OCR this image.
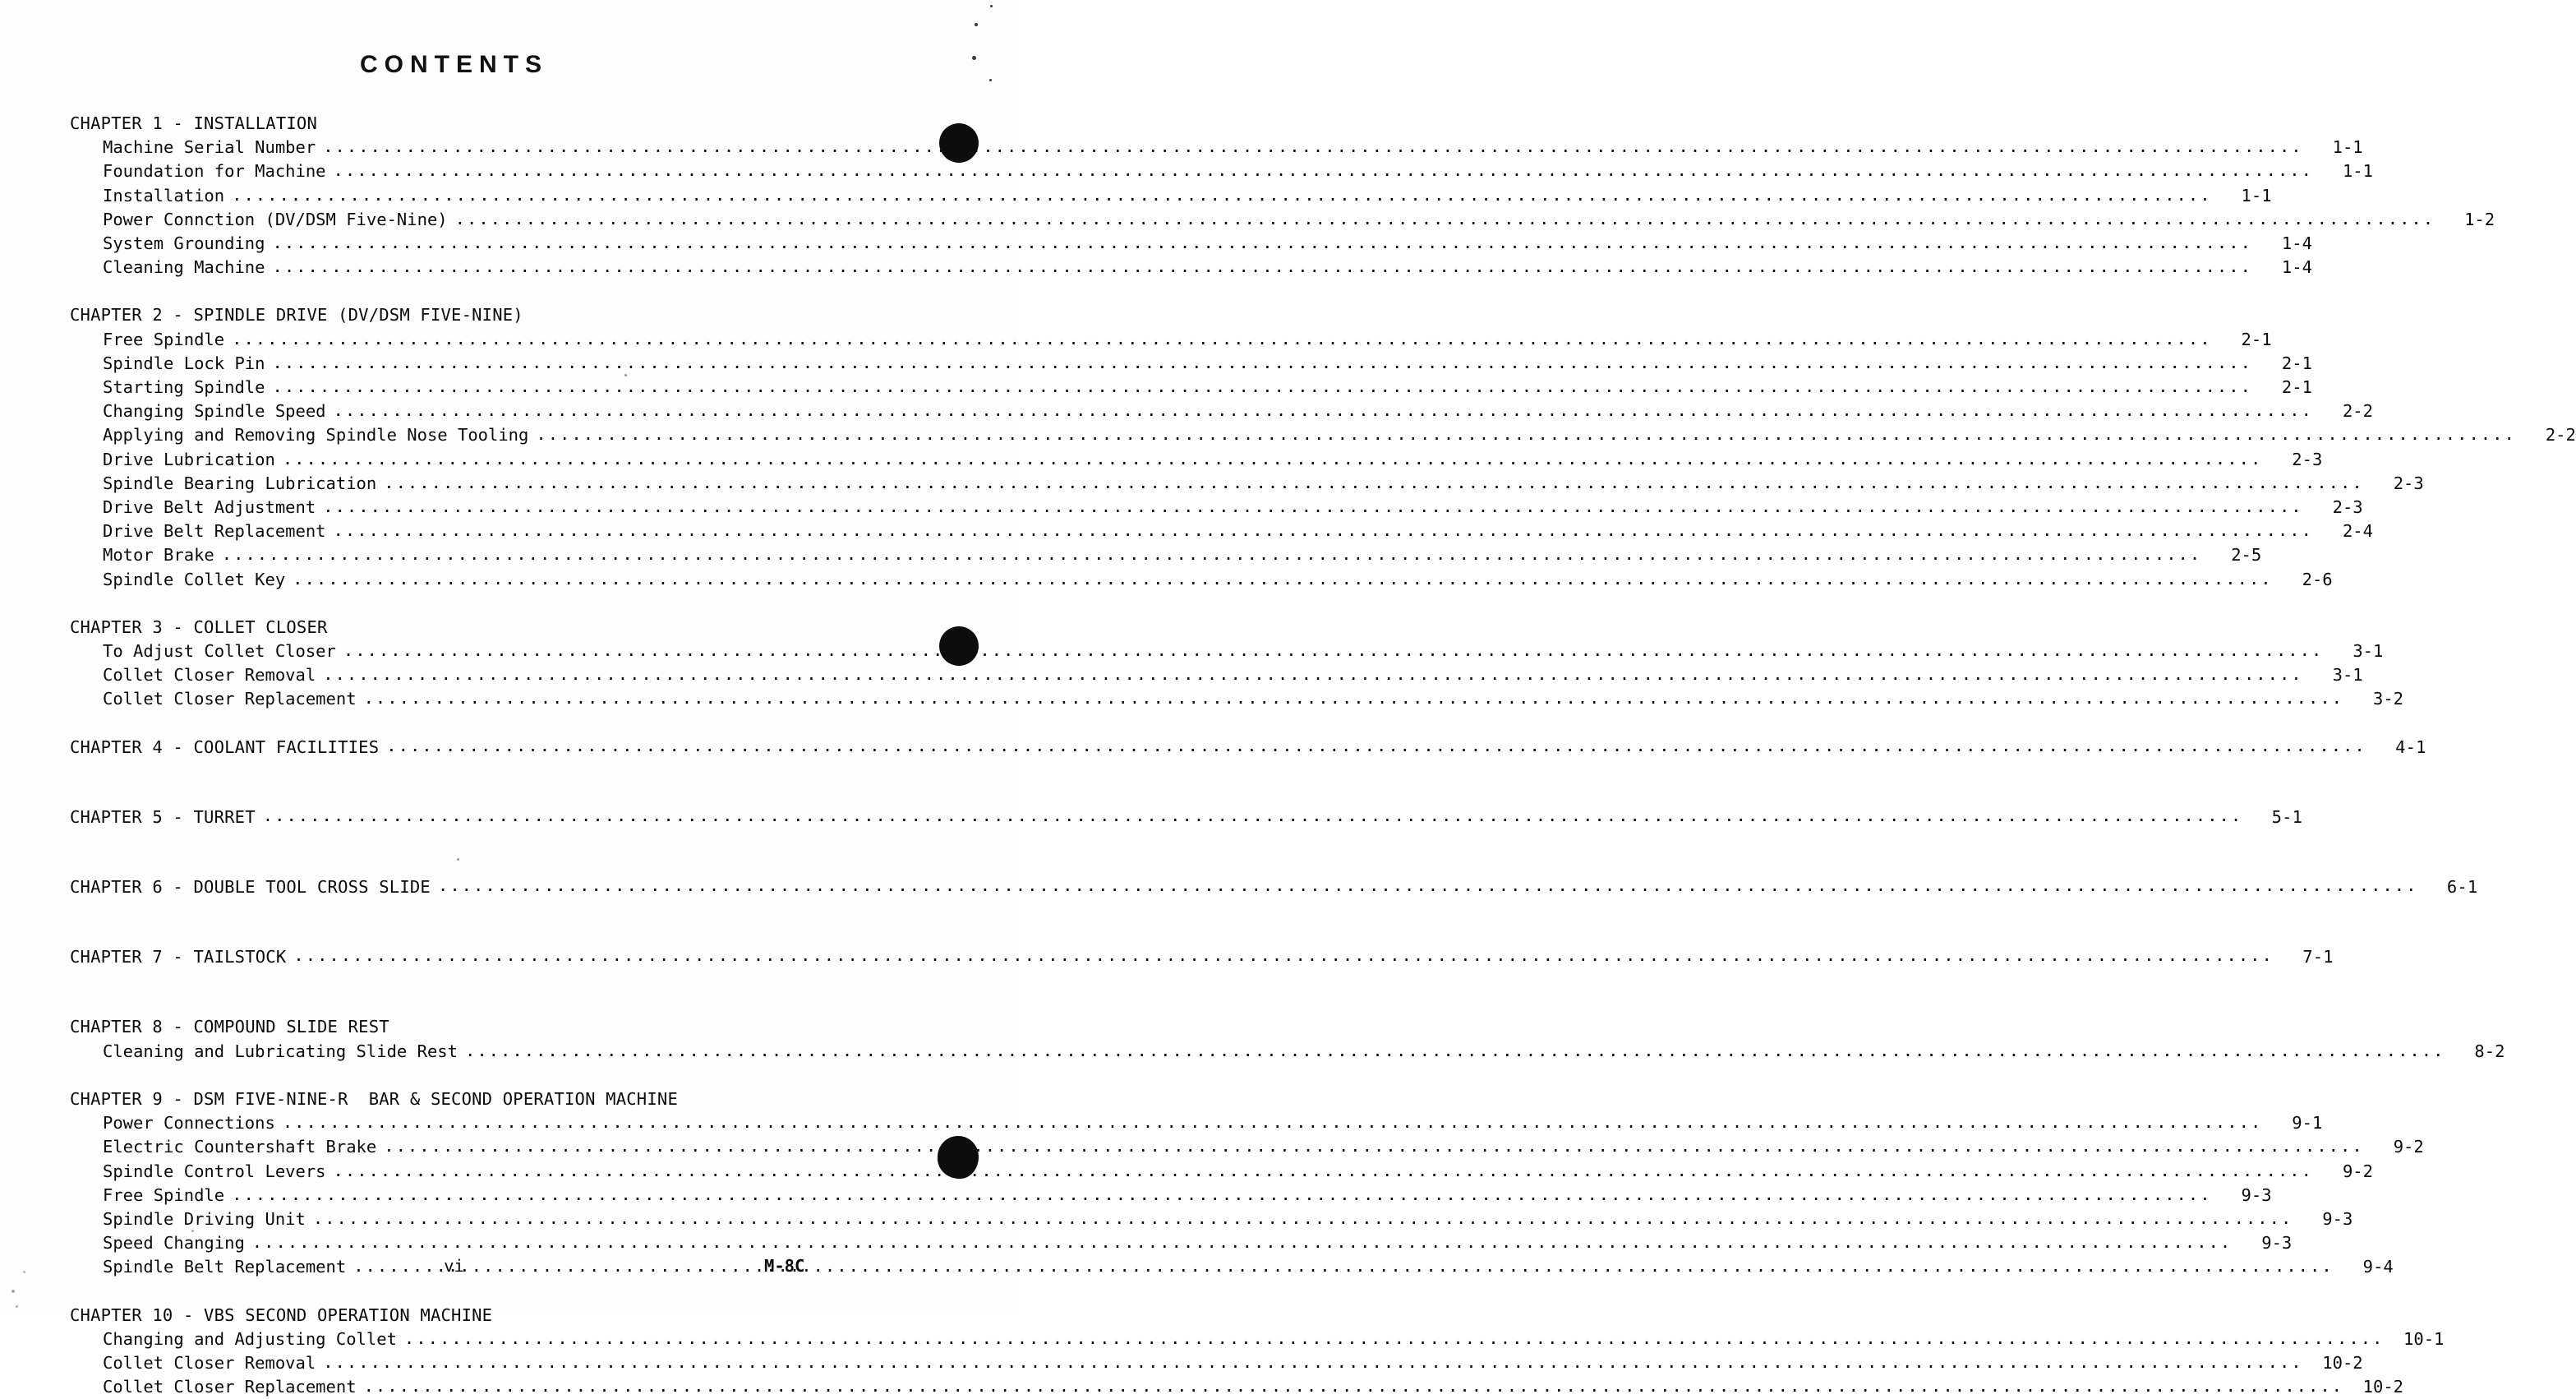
CONTENTS
CHAPTER 1 - INSTALLATION
Machine Serial Number .....	1-1
Foundation for Machine .....	1-1
Installation .....	1-1
Power Connction (DV/DSM Five-Nine) .....	1-2
System Grounding .....	1-4
Cleaning Machine .....	1-4
CHAPTER 2 - SPINDLE DRIVE (DV/DSM FIVE-NINE)
Free Spindle .....	2-1
Spindle Lock Pin .....	2-1
Starting Spindle .....	2-1
Changing Spindle Speed .....	2-2
Applying and Removing Spindle Nose Tooling .....	2-2
Drive Lubrication .....	2-3
Spindle Bearing Lubrication .....	2-3
Drive Belt Adjustment .....	2-3
Drive Belt Replacement .....	2-4
Motor Brake .....	2-5
Spindle Collet Key .....	2-6
CHAPTER 3 - COLLET CLOSER
To Adjust Collet Closer .....	3-1
Collet Closer Removal .....	3-1
Collet Closer Replacement .....	3-2
CHAPTER 4 - COOLANT FACILITIES .....	4-1
CHAPTER 5 - TURRET .....	5-1
CHAPTER 6 - DOUBLE TOOL CROSS SLIDE .....	6-1
CHAPTER 7 - TAILSTOCK .....	7-1
CHAPTER 8 - COMPOUND SLIDE REST
Cleaning and Lubricating Slide Rest .....	8-2
CHAPTER 9 - DSM FIVE-NINE-R  BAR & SECOND OPERATION MACHINE
Power Connections .....	9-1
Electric Countershaft Brake .....	9-2
Spindle Control Levers .....	9-2
Free Spindle .....	9-3
Spindle Driving Unit .....	9-3
Speed Changing .....	9-3
Spindle Belt Replacement .....	9-4
CHAPTER 10 - VBS SECOND OPERATION MACHINE
Changing and Adjusting Collet .....	10-1
Collet Closer Removal .....	10-2
Collet Closer Replacement .....	10-2
vi	M-8C
